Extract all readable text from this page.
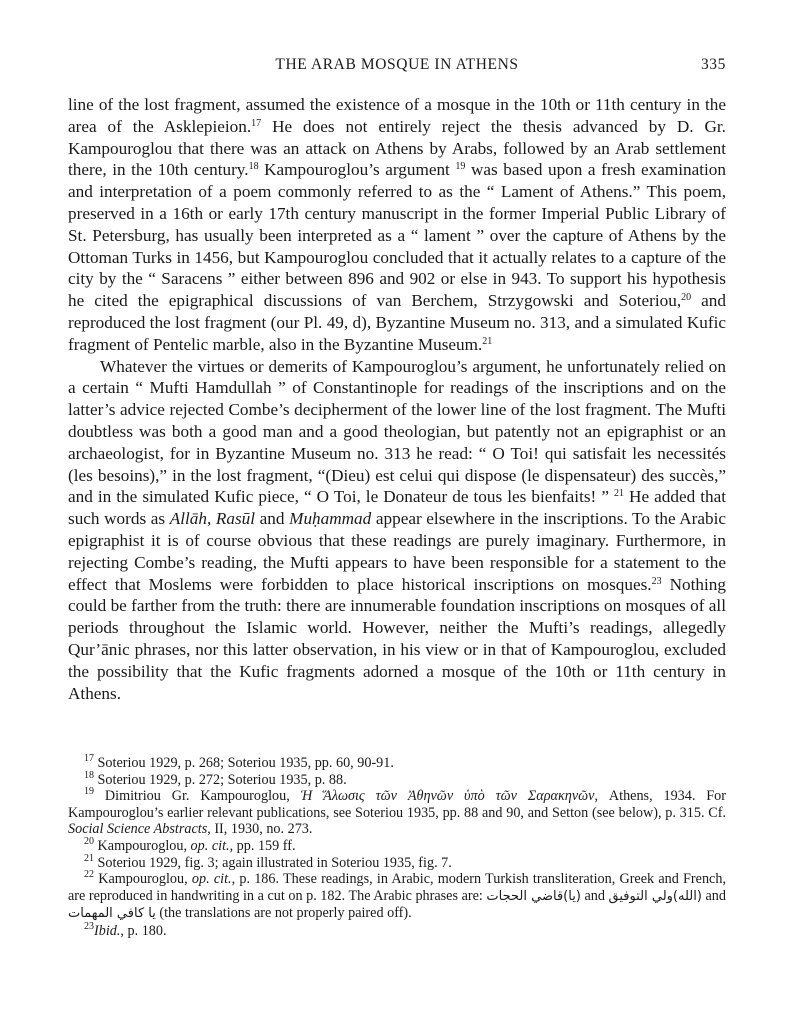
THE ARAB MOSQUE IN ATHENS	335

line of the lost fragment, assumed the existence of a mosque in the 10th or 11th century in the area of the Asklepieion.$^{17}$ He does not entirely reject the thesis advanced by D. Gr. Kampouroglou that there was an attack on Athens by Arabs, followed by an Arab settlement there, in the 10th century.$^{18}$ Kampouroglou’s argument $^{19}$ was based upon a fresh examination and interpretation of a poem commonly referred to as the “ Lament of Athens.” This poem, preserved in a 16th or early 17th century manuscript in the former Imperial Public Library of St. Petersburg, has usually been interpreted as a “ lament ” over the capture of Athens by the Ottoman Turks in 1456, but Kampouroglou concluded that it actually relates to a capture of the city by the “ Saracens ” either between 896 and 902 or else in 943. To support his hypothesis he cited the epigraphical discussions of van Berchem, Strzygowski and Soteriou,$^{20}$ and reproduced the lost fragment (our Pl. 49, d), Byzantine Museum no. 313, and a simulated Kufic fragment of Pentelic marble, also in the Byzantine Museum.$^{21}$

Whatever the virtues or demerits of Kampouroglou’s argument, he unfortunately relied on a certain “ Mufti Hamdullah ” of Constantinople for readings of the inscriptions and on the latter’s advice rejected Combe’s decipherment of the lower line of the lost fragment. The Mufti doubtless was both a good man and a good theologian, but patently not an epigraphist or an archaeologist, for in Byzantine Museum no. 313 he read: “ O Toi! qui satisfait les necessités (les besoins),” in the lost fragment, “(Dieu) est celui qui dispose (le dispensateur) des succès,” and in the simulated Kufic piece, “ O Toi, le Donateur de tous les bienfaits! ” $^{21}$ He added that such words as Allāh, Rasūl and Muḥammad appear elsewhere in the inscriptions. To the Arabic epigraphist it is of course obvious that these readings are purely imaginary. Furthermore, in rejecting Combe’s reading, the Mufti appears to have been responsible for a statement to the effect that Moslems were forbidden to place historical inscriptions on mosques.$^{23}$ Nothing could be farther from the truth: there are innumerable foundation inscriptions on mosques of all periods throughout the Islamic world. However, neither the Mufti’s readings, allegedly Qur’ānic phrases, nor this latter observation, in his view or in that of Kampouroglou, excluded the possibility that the Kufic fragments adorned a mosque of the 10th or 11th century in Athens.

$^{17}$ Soteriou 1929, p. 268; Soteriou 1935, pp. 60, 90-91.

$^{18}$ Soteriou 1929, p. 272; Soteriou 1935, p. 88.

$^{19}$ Dimitriou Gr. Kampouroglou, Ἡ Ἅλωσις τῶν Ἀθηνῶν ὑπὸ τῶν Σαρακηνῶν, Athens, 1934. For Kampouroglou’s earlier relevant publications, see Soteriou 1935, pp. 88 and 90, and Setton (see below), p. 315. Cf. Social Science Abstracts, II, 1930, no. 273.

$^{20}$ Kampouroglou, op. cit., pp. 159 ff.

$^{21}$ Soteriou 1929, fig. 3; again illustrated in Soteriou 1935, fig. 7.

$^{22}$ Kampouroglou, op. cit., p. 186. These readings, in Arabic, modern Turkish transliteration, Greek and French, are reproduced in handwriting in a cut on p. 182. The Arabic phrases are: (يا)قاضي الحجات and (الله)ولي التوفيق and يا كافي المهمات (the translations are not properly paired off).

$^{23}$Ibid., p. 180.
